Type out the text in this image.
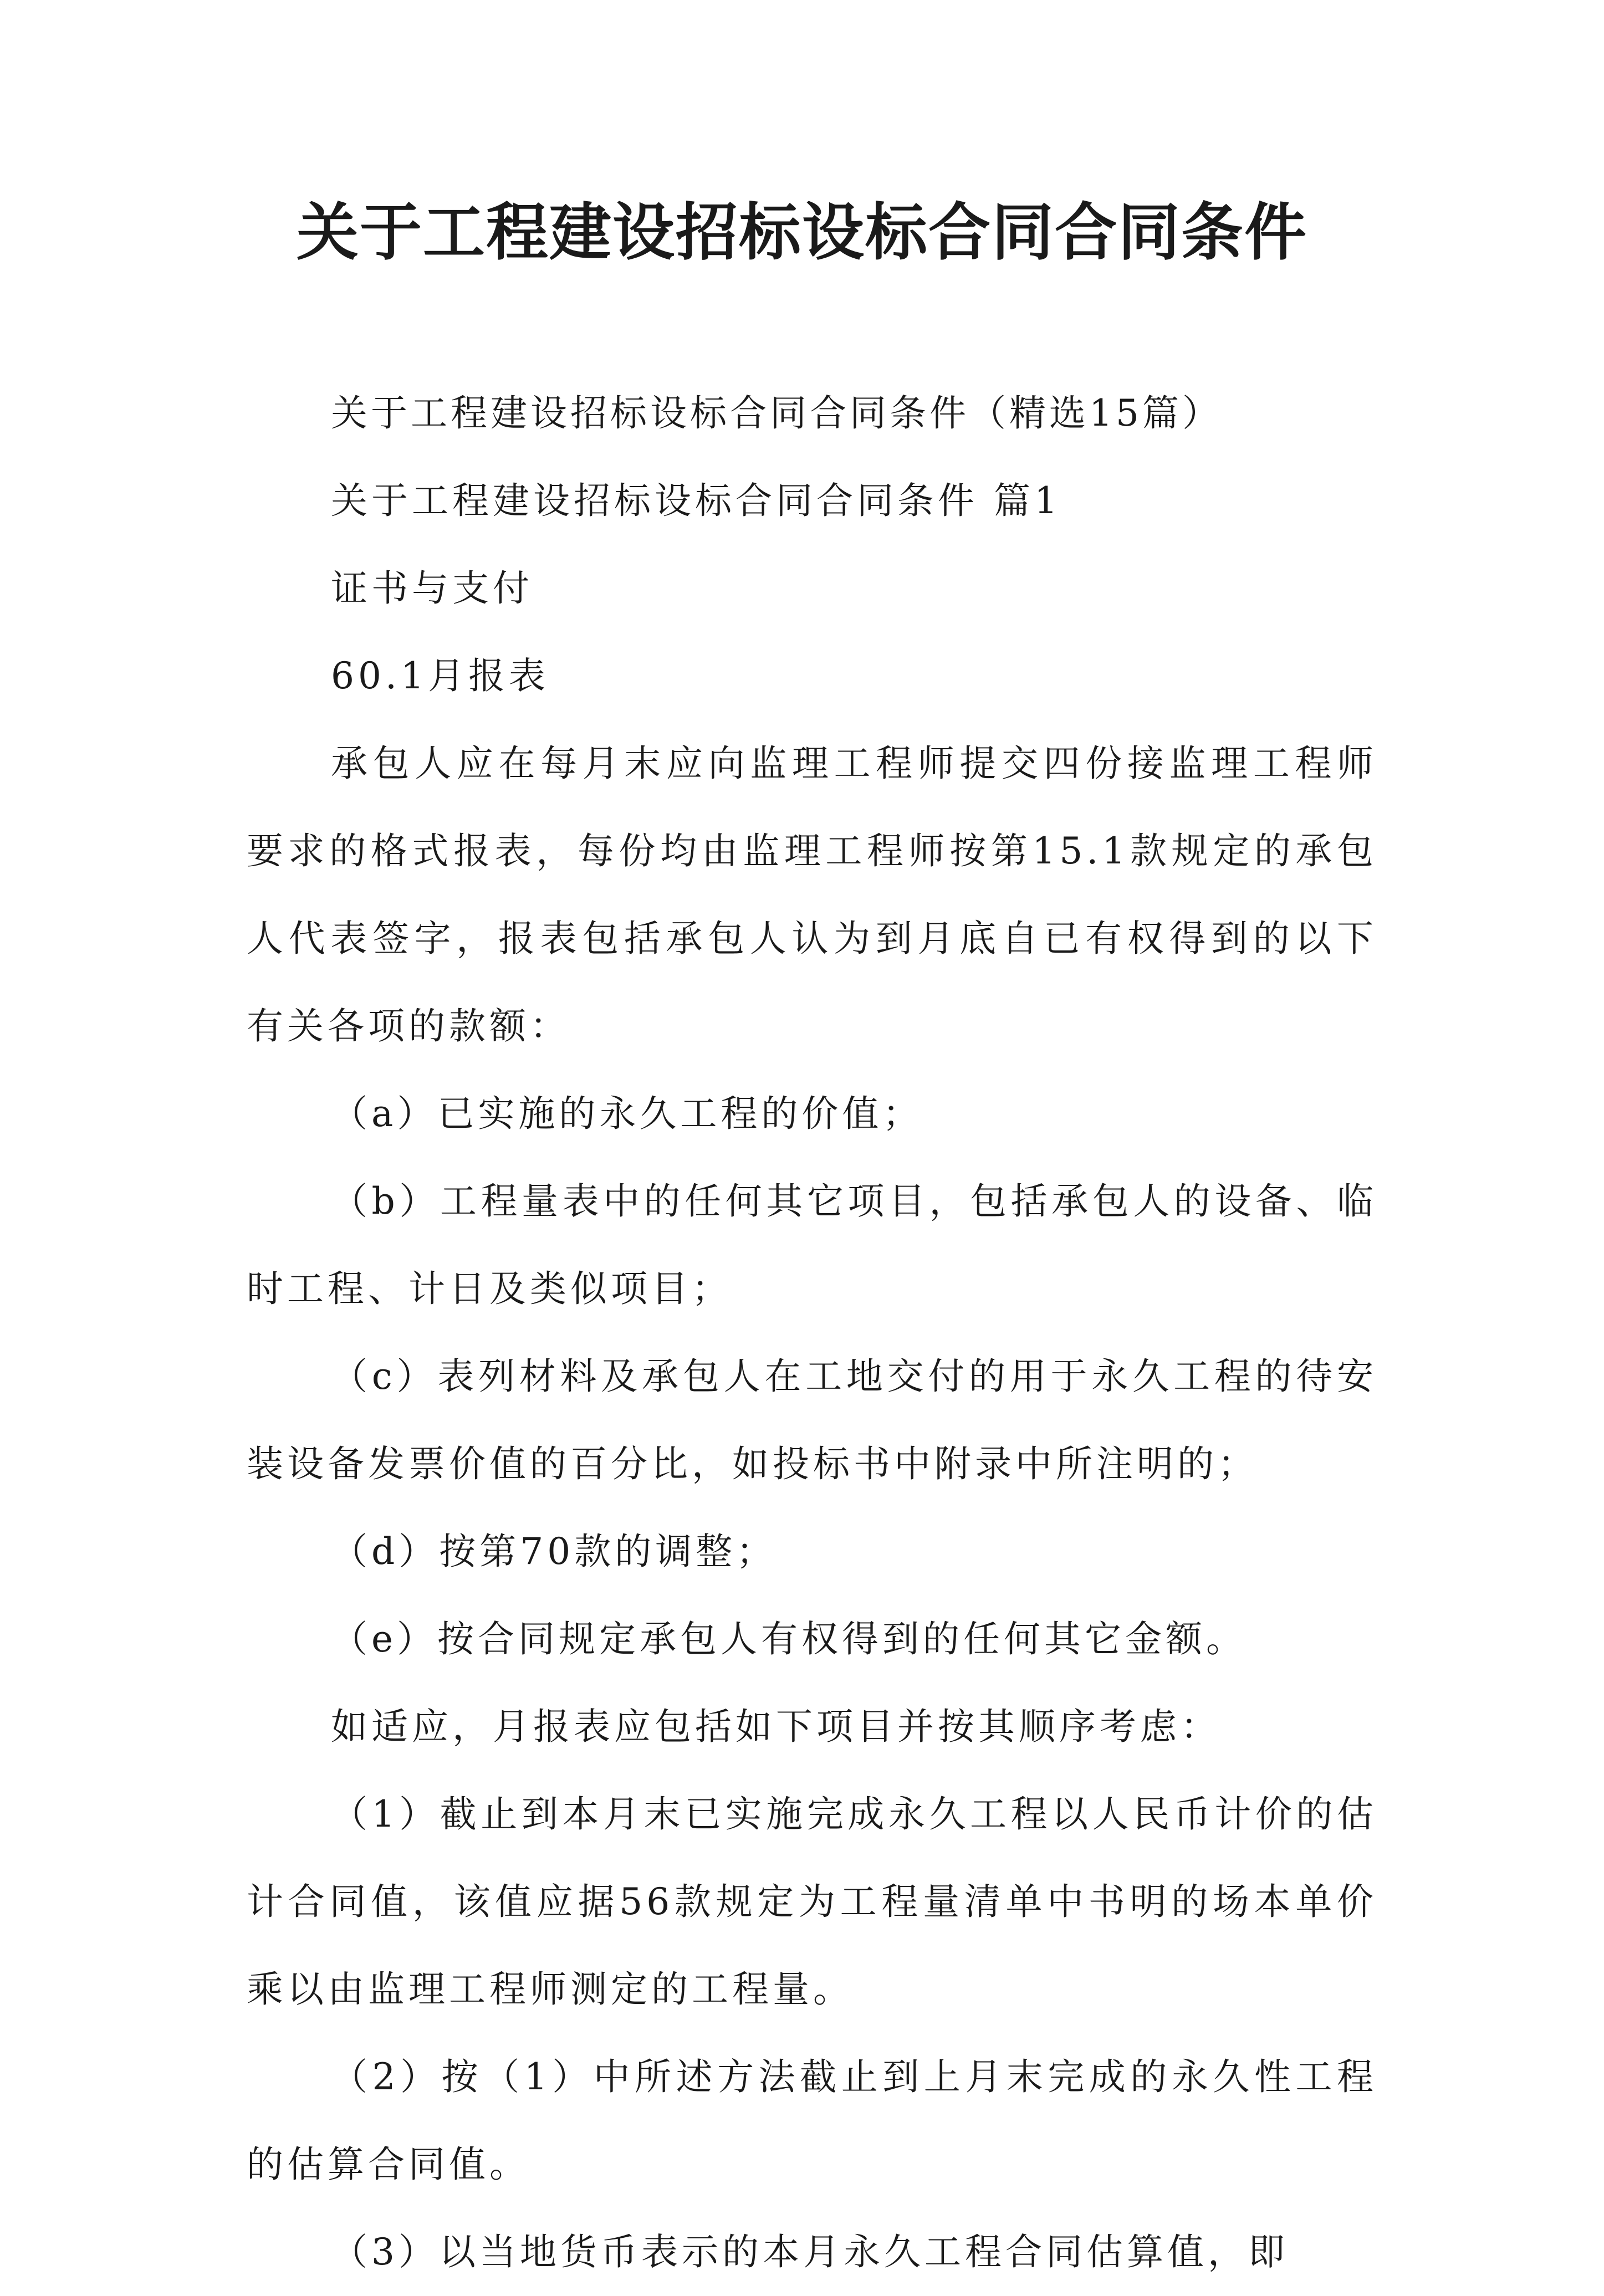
关于工程建设招标设标合同合同条件

关于工程建设招标设标合同合同条件（精选15篇）

关于工程建设招标设标合同合同条件 篇1

证书与支付

60.1月报表

承包人应在每月末应向监理工程师提交四份接监理工程师要求的格式报表，每份均由监理工程师按第15.1款规定的承包人代表签字，报表包括承包人认为到月底自已有权得到的以下有关各项的款额：

（a）已实施的永久工程的价值；

（b）工程量表中的任何其它项目，包括承包人的设备、临时工程、计日及类似项目；

（c）表列材料及承包人在工地交付的用于永久工程的待安装设备发票价值的百分比，如投标书中附录中所注明的；

（d）按第70款的调整；

（e）按合同规定承包人有权得到的任何其它金额。

如适应，月报表应包括如下项目并按其顺序考虑：

（1）截止到本月末已实施完成永久工程以人民币计价的估计合同值，该值应据56款规定为工程量清单中书明的场本单价乘以由监理工程师测定的工程量。

（2）按（1）中所述方法截止到上月末完成的永久性工程的估算合同值。

（3）以当地货币表示的本月永久工程合同估算值，即
